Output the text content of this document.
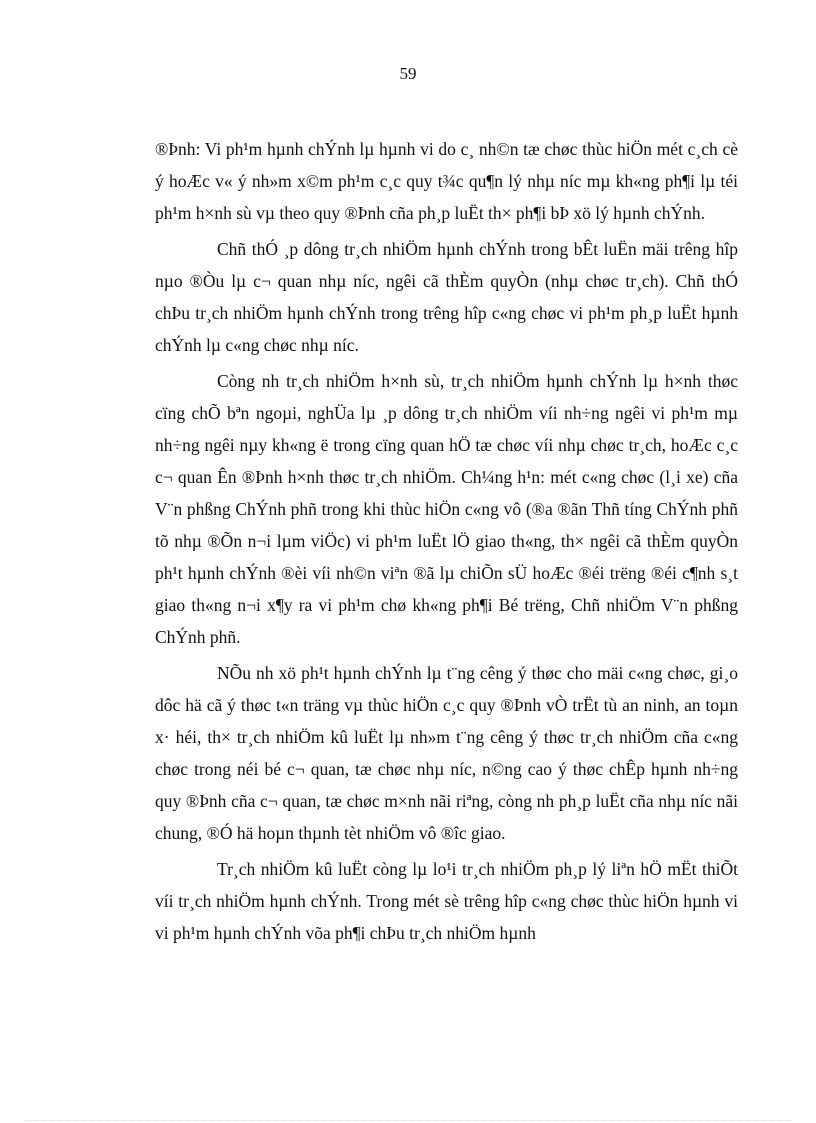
59

®Þnh: Vi ph¹m hµnh chÝnh lµ hµnh vi do c¸ nh©n tæ chøc thùc hiÖn mét c¸ch cè ý hoÆc v« ý nh»m x©m ph¹m c¸c quy t¾c qu¶n lý nhµ níc mµ kh«ng ph¶i lµ téi ph¹m h×nh sù vµ theo quy ®Þnh cña ph¸p luËt th× ph¶i bÞ xö lý hµnh chÝnh.

Chñ thÓ ¸p dông tr¸ch nhiÖm hµnh chÝnh trong bÊt luËn mäi trêng hîp nµo ®Òu lµ c¬ quan nhµ níc, ngêi cã thÈm quyÒn (nhµ chøc tr¸ch). Chñ thÓ chÞu tr¸ch nhiÖm hµnh chÝnh trong trêng hîp c«ng chøc vi ph¹m ph¸p luËt hµnh chÝnh lµ c«ng chøc nhµ níc.

Còng nh tr¸ch nhiÖm h×nh sù, tr¸ch nhiÖm hµnh chÝnh lµ h×nh thøc cïng chÕ bªn ngoµi, nghÜa lµ ¸p dông tr¸ch nhiÖm víi nh÷ng ngêi vi ph¹m mµ nh÷ng ngêi nµy kh«ng ë trong cïng quan hÖ tæ chøc víi nhµ chøc tr¸ch, hoÆc c¸c c¬ quan Ên ®Þnh h×nh thøc tr¸ch nhiÖm. Ch¼ng h¹n: mét c«ng chøc (l¸i xe) cña V¨n phßng ChÝnh phñ trong khi thùc hiÖn c«ng vô (®a ®ãn Thñ tíng ChÝnh phñ tõ nhµ ®Õn n¬i lµm viÖc) vi ph¹m luËt lÖ giao th«ng, th× ngêi cã thÈm quyÒn ph¹t hµnh chÝnh ®èi víi nh©n viªn ®ã lµ chiÕn sÜ hoÆc ®éi trëng ®éi c¶nh s¸t giao th«ng n¬i x¶y ra vi ph¹m chø kh«ng ph¶i Bé trëng, Chñ nhiÖm V¨n phßng ChÝnh phñ.

NÕu nh xö ph¹t hµnh chÝnh lµ t¨ng cêng ý thøc cho mäi c«ng chøc, gi¸o dôc hä cã ý thøc t«n träng vµ thùc hiÖn c¸c quy ®Þnh vÒ trËt tù an ninh, an toµn x· héi, th× tr¸ch nhiÖm kû luËt lµ nh»m t¨ng cêng ý thøc tr¸ch nhiÖm cña c«ng chøc trong néi bé c¬ quan, tæ chøc nhµ níc, n©ng cao ý thøc chÊp hµnh nh÷ng quy ®Þnh cña c¬ quan, tæ chøc m×nh nãi riªng, còng nh ph¸p luËt cña nhµ níc nãi chung, ®Ó hä hoµn thµnh tèt nhiÖm vô ®îc giao.

Tr¸ch nhiÖm kû luËt còng lµ lo¹i tr¸ch nhiÖm ph¸p lý liªn hÖ mËt thiÕt víi tr¸ch nhiÖm hµnh chÝnh. Trong mét sè trêng hîp c«ng chøc thùc hiÖn hµnh vi vi ph¹m hµnh chÝnh võa ph¶i chÞu tr¸ch nhiÖm hµnh
